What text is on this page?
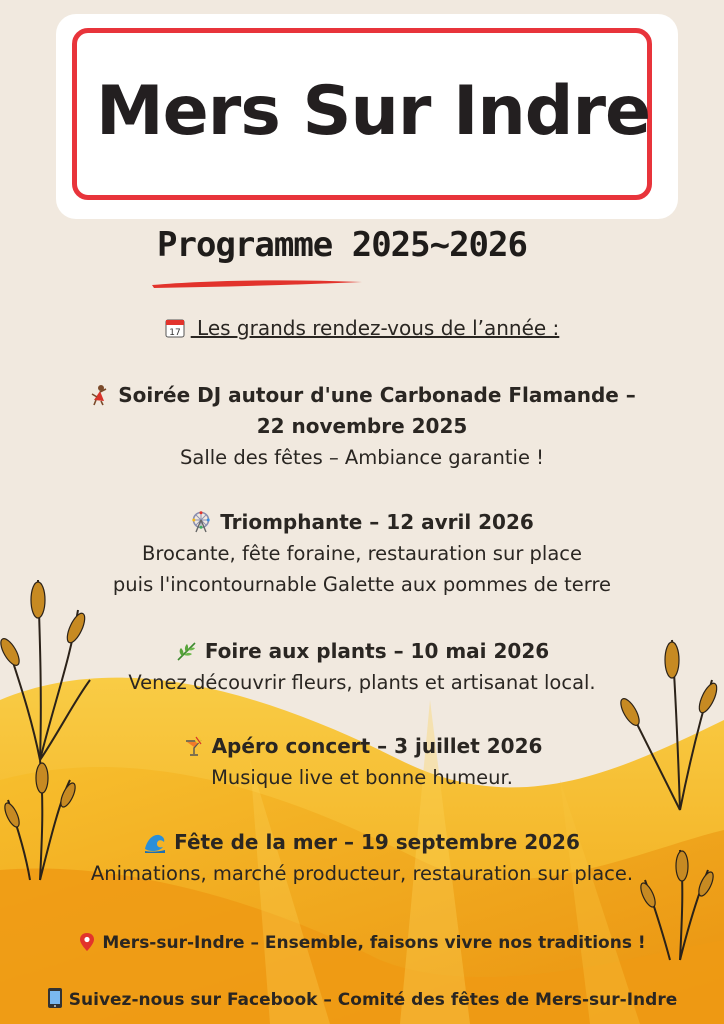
Mers Sur Indre
Programme 2025~2026
17 Les grands rendez-vous de l’année :
Soirée DJ autour d'une Carbonade Flamande –
22 novembre 2025
Salle des fêtes – Ambiance garantie !
Triomphante – 12 avril 2026
Brocante, fête foraine, restauration sur place
puis l'incontournable Galette aux pommes de terre
Foire aux plants – 10 mai 2026
Venez découvrir fleurs, plants et artisanat local.
Apéro concert – 3 juillet 2026
Musique live et bonne humeur.
Fête de la mer – 19 septembre 2026
Animations, marché producteur, restauration sur place.
Mers-sur-Indre – Ensemble, faisons vivre nos traditions !
Suivez-nous sur Facebook – Comité des fêtes de Mers-sur-Indre
